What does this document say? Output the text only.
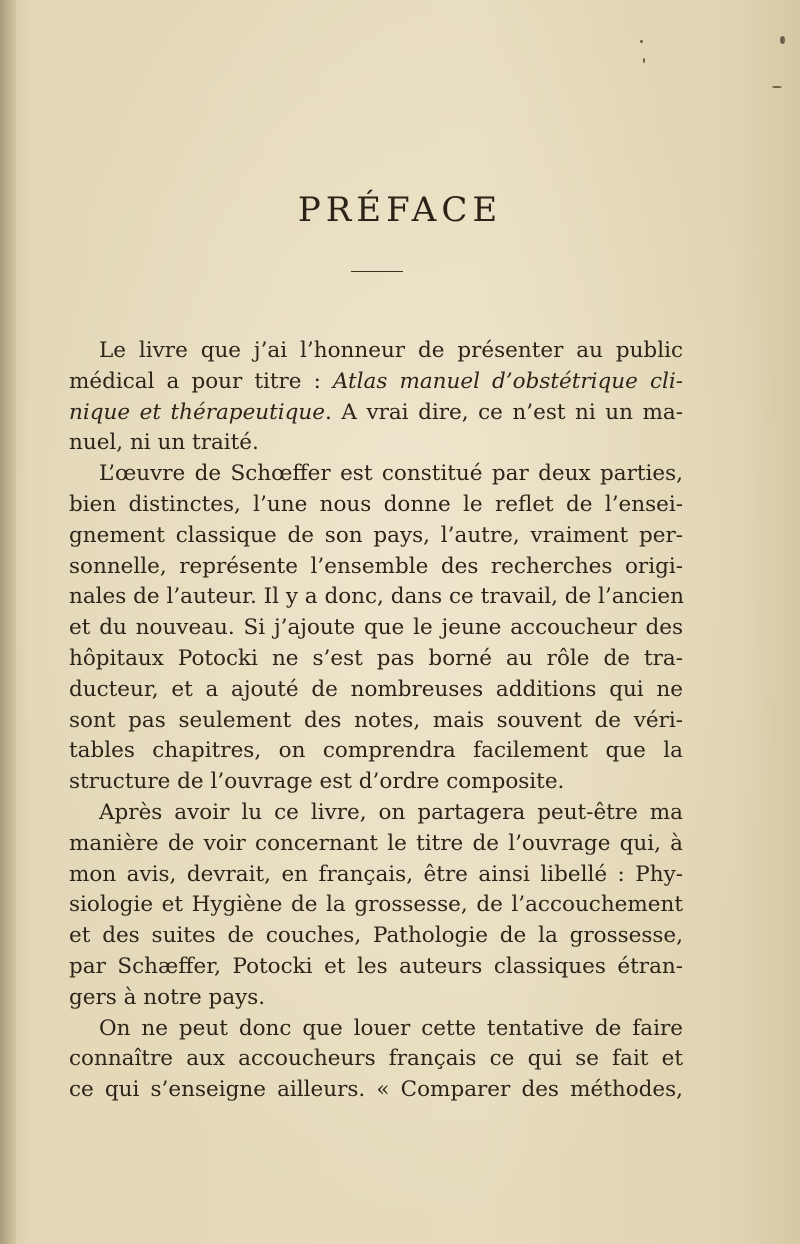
PRÉFACE
Le livre que j’ai l’honneur de présenter au public
médical a pour titre : Atlas manuel d’obstétrique cli-
nique et thérapeutique. A vrai dire, ce n’est ni un ma-
nuel, ni un traité.
L’œuvre de Schœffer est constitué par deux parties,
bien distinctes, l’une nous donne le reflet de l’ensei-
gnement classique de son pays, l’autre, vraiment per-
sonnelle, représente l’ensemble des recherches origi-
nales de l’auteur. Il y a donc, dans ce travail, de l’ancien
et du nouveau. Si j’ajoute que le jeune accoucheur des
hôpitaux Potocki ne s’est pas borné au rôle de tra-
ducteur, et a ajouté de nombreuses additions qui ne
sont pas seulement des notes, mais souvent de véri-
tables chapitres, on comprendra facilement que la
structure de l’ouvrage est d’ordre composite.
Après avoir lu ce livre, on partagera peut-être ma
manière de voir concernant le titre de l’ouvrage qui, à
mon avis, devrait, en français, être ainsi libellé : Phy-
siologie et Hygiène de la grossesse, de l’accouchement
et des suites de couches, Pathologie de la grossesse,
par Schæffer, Potocki et les auteurs classiques étran-
gers à notre pays.
On ne peut donc que louer cette tentative de faire
connaître aux accoucheurs français ce qui se fait et
ce qui s’enseigne ailleurs. « Comparer des méthodes,
